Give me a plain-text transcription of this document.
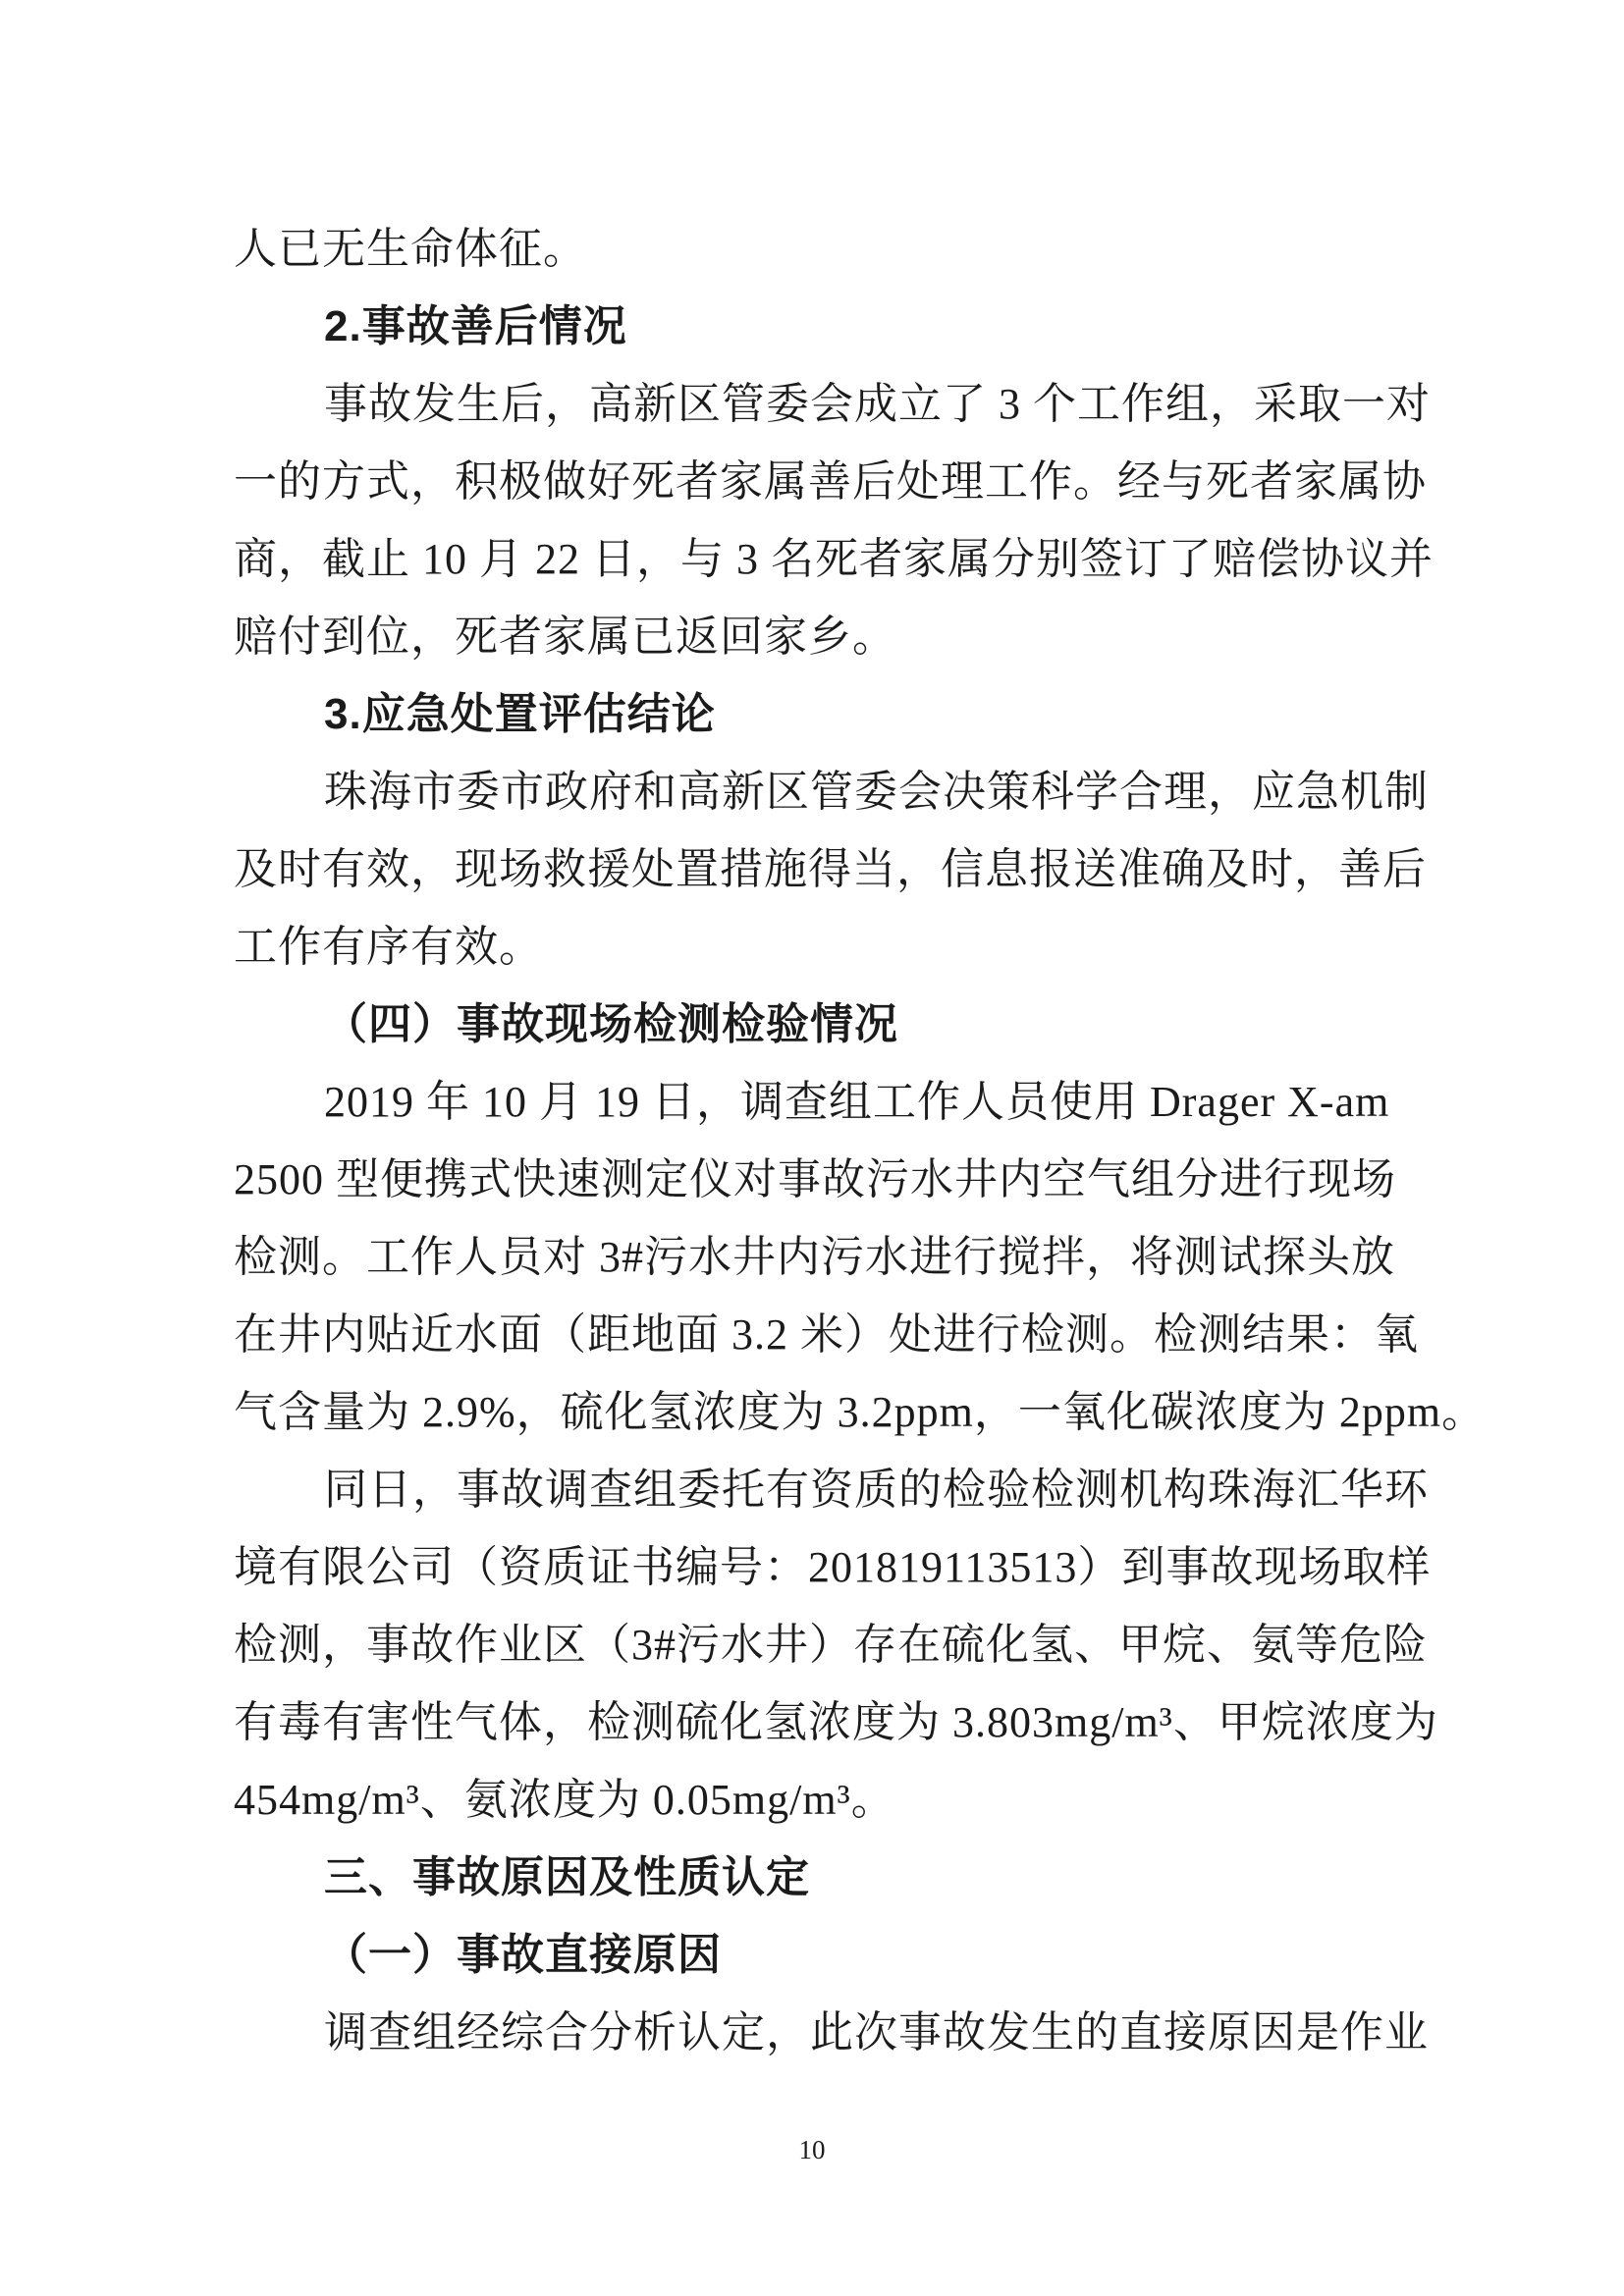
人已无生命体征。
2.事故善后情况
事故发生后，高新区管委会成立了 3 个工作组，采取一对
一的方式，积极做好死者家属善后处理工作。经与死者家属协
商，截止 10 月 22 日，与 3 名死者家属分别签订了赔偿协议并
赔付到位，死者家属已返回家乡。
3.应急处置评估结论
珠海市委市政府和高新区管委会决策科学合理，应急机制
及时有效，现场救援处置措施得当，信息报送准确及时，善后
工作有序有效。
（四）事故现场检测检验情况
2019 年 10 月 19 日，调查组工作人员使用 Drager X-am
2500 型便携式快速测定仪对事故污水井内空气组分进行现场
检测。工作人员对 3#污水井内污水进行搅拌，将测试探头放
在井内贴近水面（距地面 3.2 米）处进行检测。检测结果：氧
气含量为 2.9%，硫化氢浓度为 3.2ppm，一氧化碳浓度为 2ppm。
同日，事故调查组委托有资质的检验检测机构珠海汇华环
境有限公司（资质证书编号：201819113513）到事故现场取样
检测，事故作业区（3#污水井）存在硫化氢、甲烷、氨等危险
有毒有害性气体，检测硫化氢浓度为 3.803mg/m³、甲烷浓度为
454mg/m³、氨浓度为 0.05mg/m³。
三、事故原因及性质认定
（一）事故直接原因
调查组经综合分析认定，此次事故发生的直接原因是作业
10
